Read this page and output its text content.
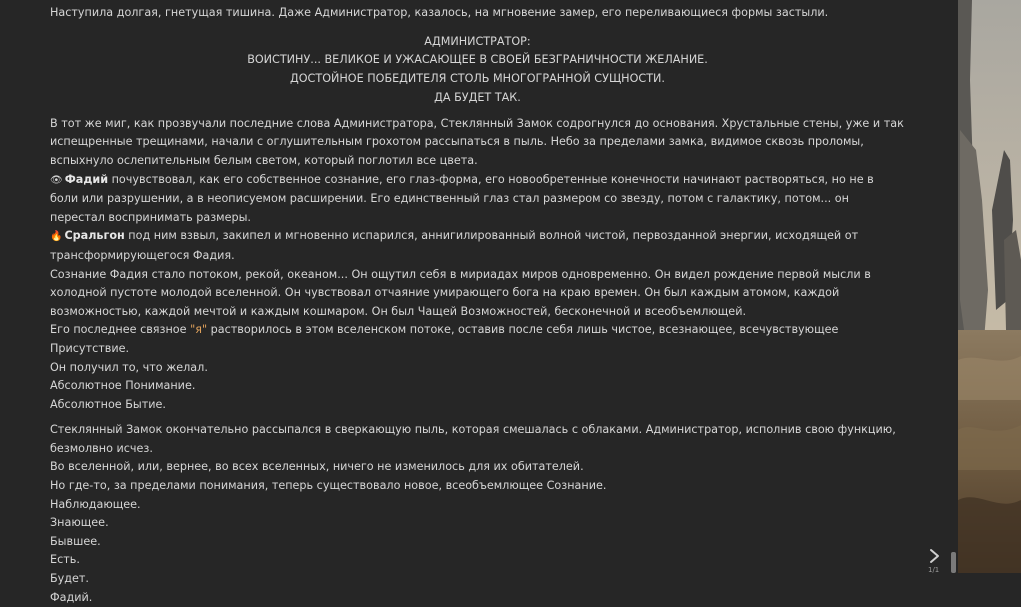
Наступила долгая, гнетущая тишина. Даже Администратор, казалось, на мгновение замер, его переливающиеся формы застыли.

АДМИНИСТРАТОР:
ВОИСТИНУ... ВЕЛИКОЕ И УЖАСАЮЩЕЕ В СВОЕЙ БЕЗГРАНИЧНОСТИ ЖЕЛАНИЕ.
ДОСТОЙНОЕ ПОБЕДИТЕЛЯ СТОЛЬ МНОГОГРАННОЙ СУЩНОСТИ.
ДА БУДЕТ ТАК.

В тот же миг, как прозвучали последние слова Администратора, Стеклянный Замок содрогнулся до основания. Хрустальные стены, уже и так испещренные трещинами, начали с оглушительным грохотом рассыпаться в пыль. Небо за пределами замка, видимое сквозь проломы, вспыхнуло ослепительным белым светом, который поглотил все цвета.

👁 Фадий почувствовал, как его собственное сознание, его глаз-форма, его новообретенные конечности начинают растворяться, но не в боли или разрушении, а в неописуемом расширении. Его единственный глаз стал размером со звезду, потом с галактику, потом... он перестал воспринимать размеры.

🔥 Сральгон под ним взвыл, закипел и мгновенно испарился, аннигилированный волной чистой, первозданной энергии, исходящей от трансформирующегося Фадия.

Сознание Фадия стало потоком, рекой, океаном... Он ощутил себя в мириадах миров одновременно. Он видел рождение первой мысли в холодной пустоте молодой вселенной. Он чувствовал отчаяние умирающего бога на краю времен. Он был каждым атомом, каждой возможностью, каждой мечтой и каждым кошмаром. Он был Чащей Возможностей, бесконечной и всеобъемлющей.

Его последнее связное "я" растворилось в этом вселенском потоке, оставив после себя лишь чистое, всезнающее, всечувствующее Присутствие.

Он получил то, что желал.

Абсолютное Понимание.

Абсолютное Бытие.

Стеклянный Замок окончательно рассыпался в сверкающую пыль, которая смешалась с облаками. Администратор, исполнив свою функцию, безмолвно исчез.

Во вселенной, или, вернее, во всех вселенных, ничего не изменилось для их обитателей.

Но где-то, за пределами понимания, теперь существовало новое, всеобъемлющее Сознание.

Наблюдающее.

Знающее.

Бывшее.

Есть.

Будет.

Фадий.

1/1
